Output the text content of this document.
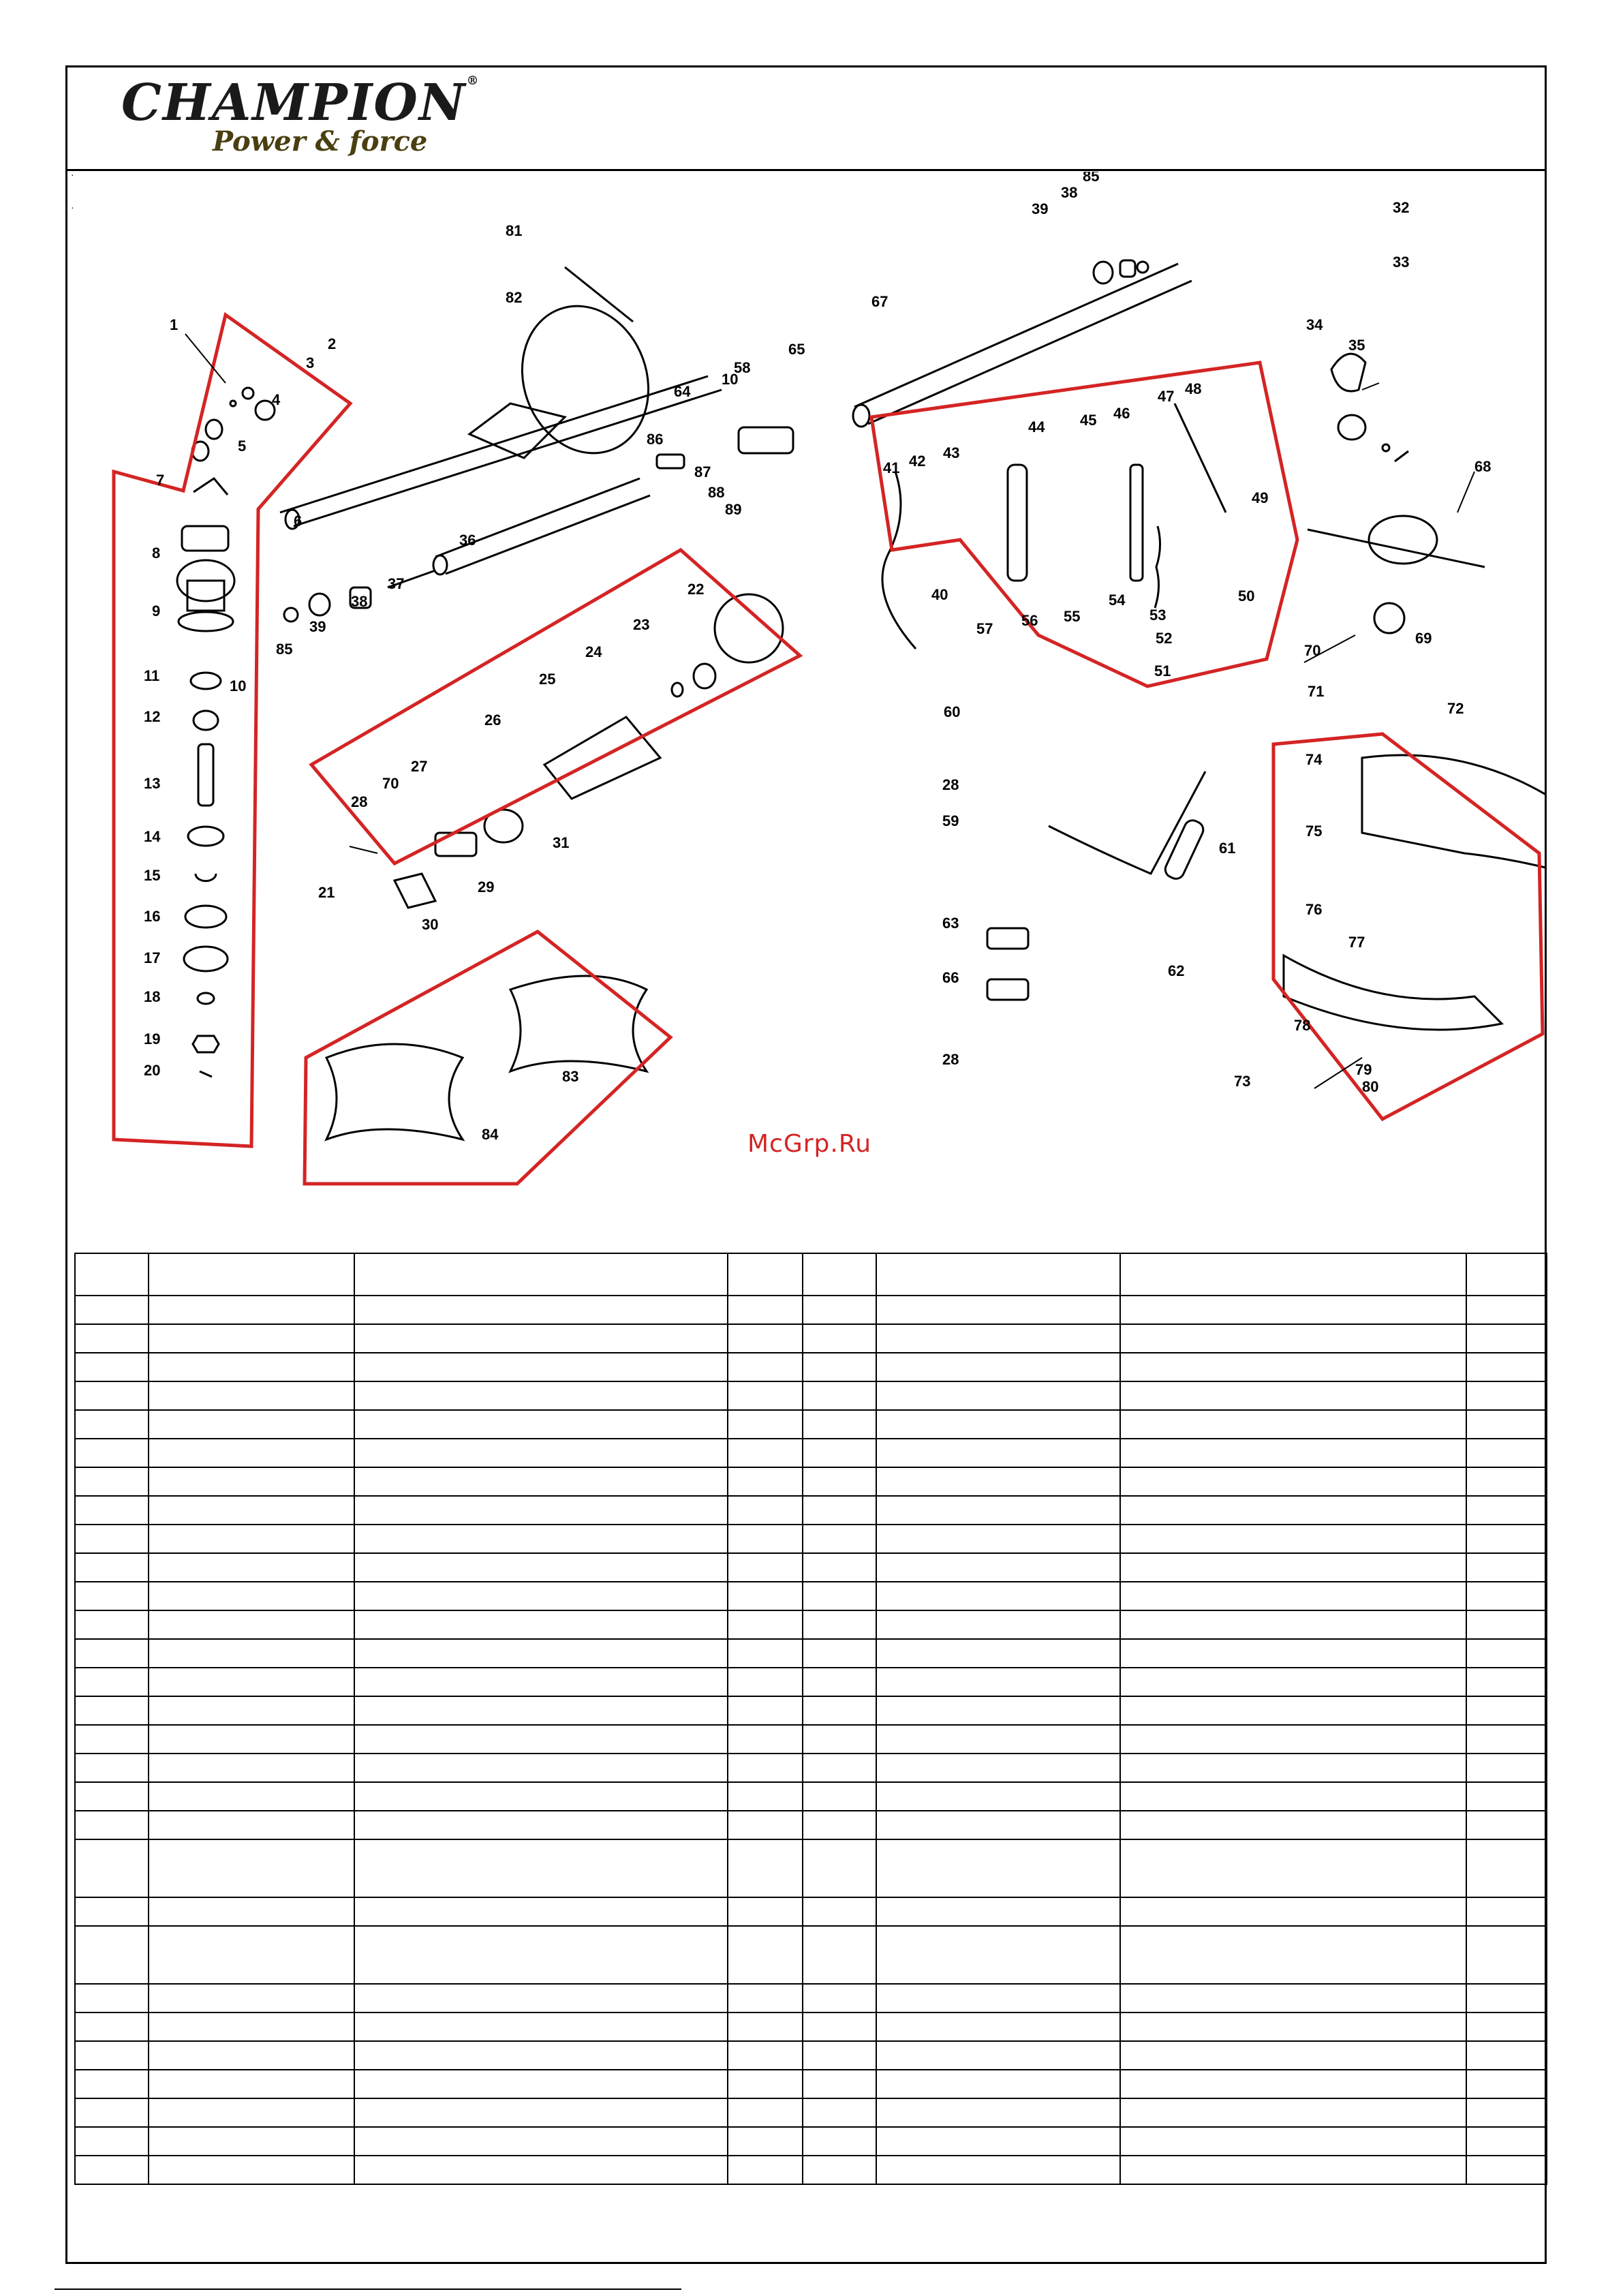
CHAMPION®
Power & force
·
·
1
2
3
4
5
6
7
8
9
10
10
11
12
13
14
15
16
17
18
19
20
21
22
23
24
25
26
27
28
28
28
29
30
31
32
33
34
35
36
37
38
38
39
39
40
41 42 43
44 45 46
47 48
49
50
51
52
53
54
55
56
57
58
59
60
61
62
63
64
65
66
67
68
69
70
70
71
72
73
74
75
76
77
78
79
80
81
82
83
84
85
85
86
87
88
89
McGrp.Ru
